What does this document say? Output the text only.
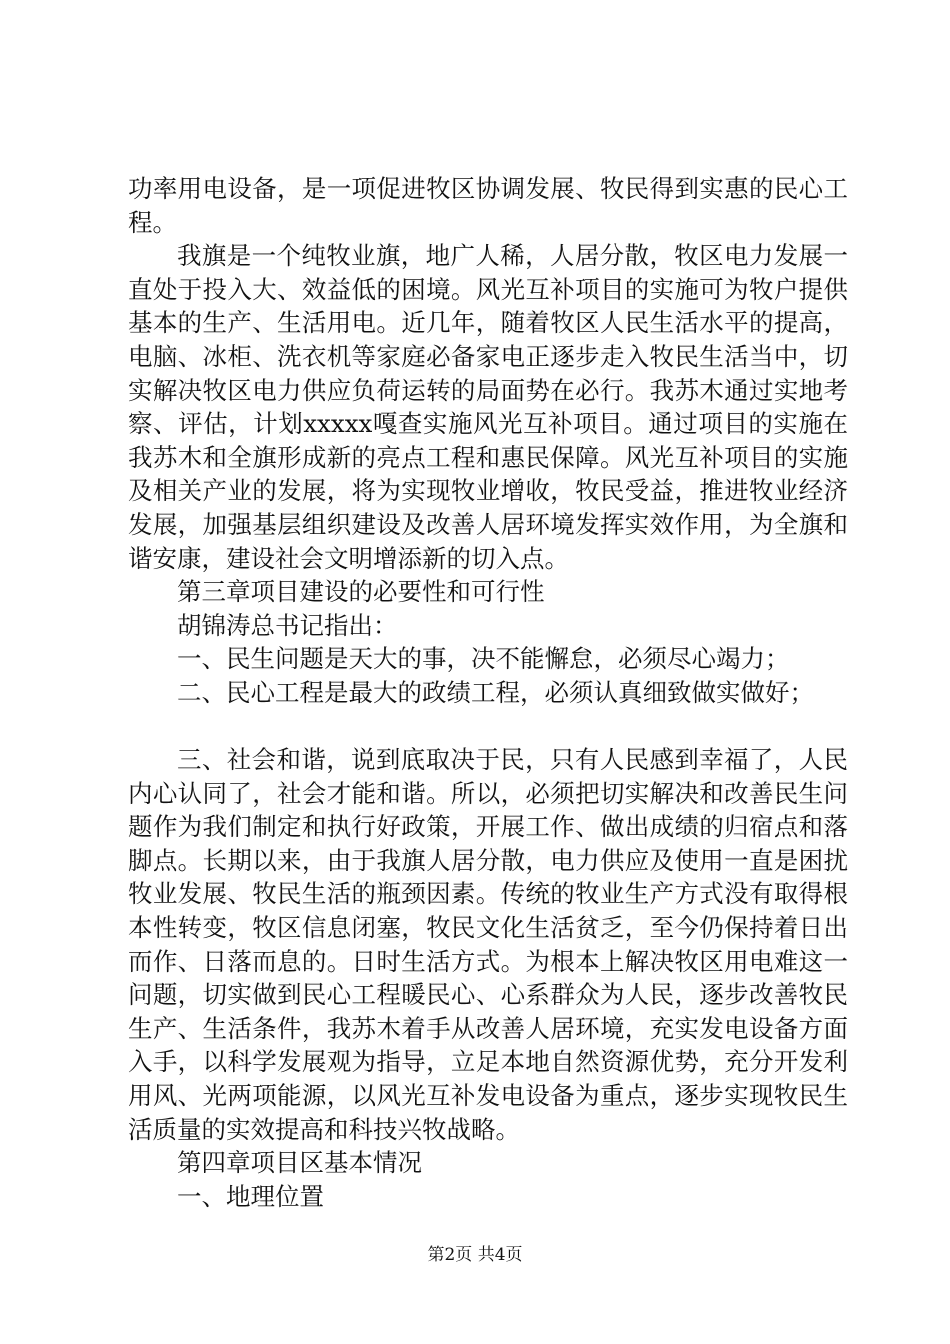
功率用电设备，是一项促进牧区协调发展、牧民得到实惠的民心工程。

我旗是一个纯牧业旗，地广人稀，人居分散，牧区电力发展一直处于投入大、效益低的困境。风光互补项目的实施可为牧户提供基本的生产、生活用电。近几年，随着牧区人民生活水平的提高，电脑、冰柜、洗衣机等家庭必备家电正逐步走入牧民生活当中，切实解决牧区电力供应负荷运转的局面势在必行。我苏木通过实地考察、评估，计划xxxxx嘎查实施风光互补项目。通过项目的实施在我苏木和全旗形成新的亮点工程和惠民保障。风光互补项目的实施及相关产业的发展，将为实现牧业增收，牧民受益，推进牧业经济发展，加强基层组织建设及改善人居环境发挥实效作用，为全旗和谐安康，建设社会文明增添新的切入点。

第三章项目建设的必要性和可行性

胡锦涛总书记指出：

一、民生问题是天大的事，决不能懈怠，必须尽心竭力；

二、民心工程是最大的政绩工程，必须认真细致做实做好；

三、社会和谐，说到底取决于民，只有人民感到幸福了，人民内心认同了，社会才能和谐。所以，必须把切实解决和改善民生问题作为我们制定和执行好政策，开展工作、做出成绩的归宿点和落脚点。长期以来，由于我旗人居分散，电力供应及使用一直是困扰牧业发展、牧民生活的瓶颈因素。传统的牧业生产方式没有取得根本性转变，牧区信息闭塞，牧民文化生活贫乏，至今仍保持着日出而作、日落而息的。日时生活方式。为根本上解决牧区用电难这一问题，切实做到民心工程暖民心、心系群众为人民，逐步改善牧民生产、生活条件，我苏木着手从改善人居环境，充实发电设备方面入手，以科学发展观为指导，立足本地自然资源优势，充分开发利用风、光两项能源，以风光互补发电设备为重点，逐步实现牧民生活质量的实效提高和科技兴牧战略。

第四章项目区基本情况

一、地理位置

第2页 共4页
